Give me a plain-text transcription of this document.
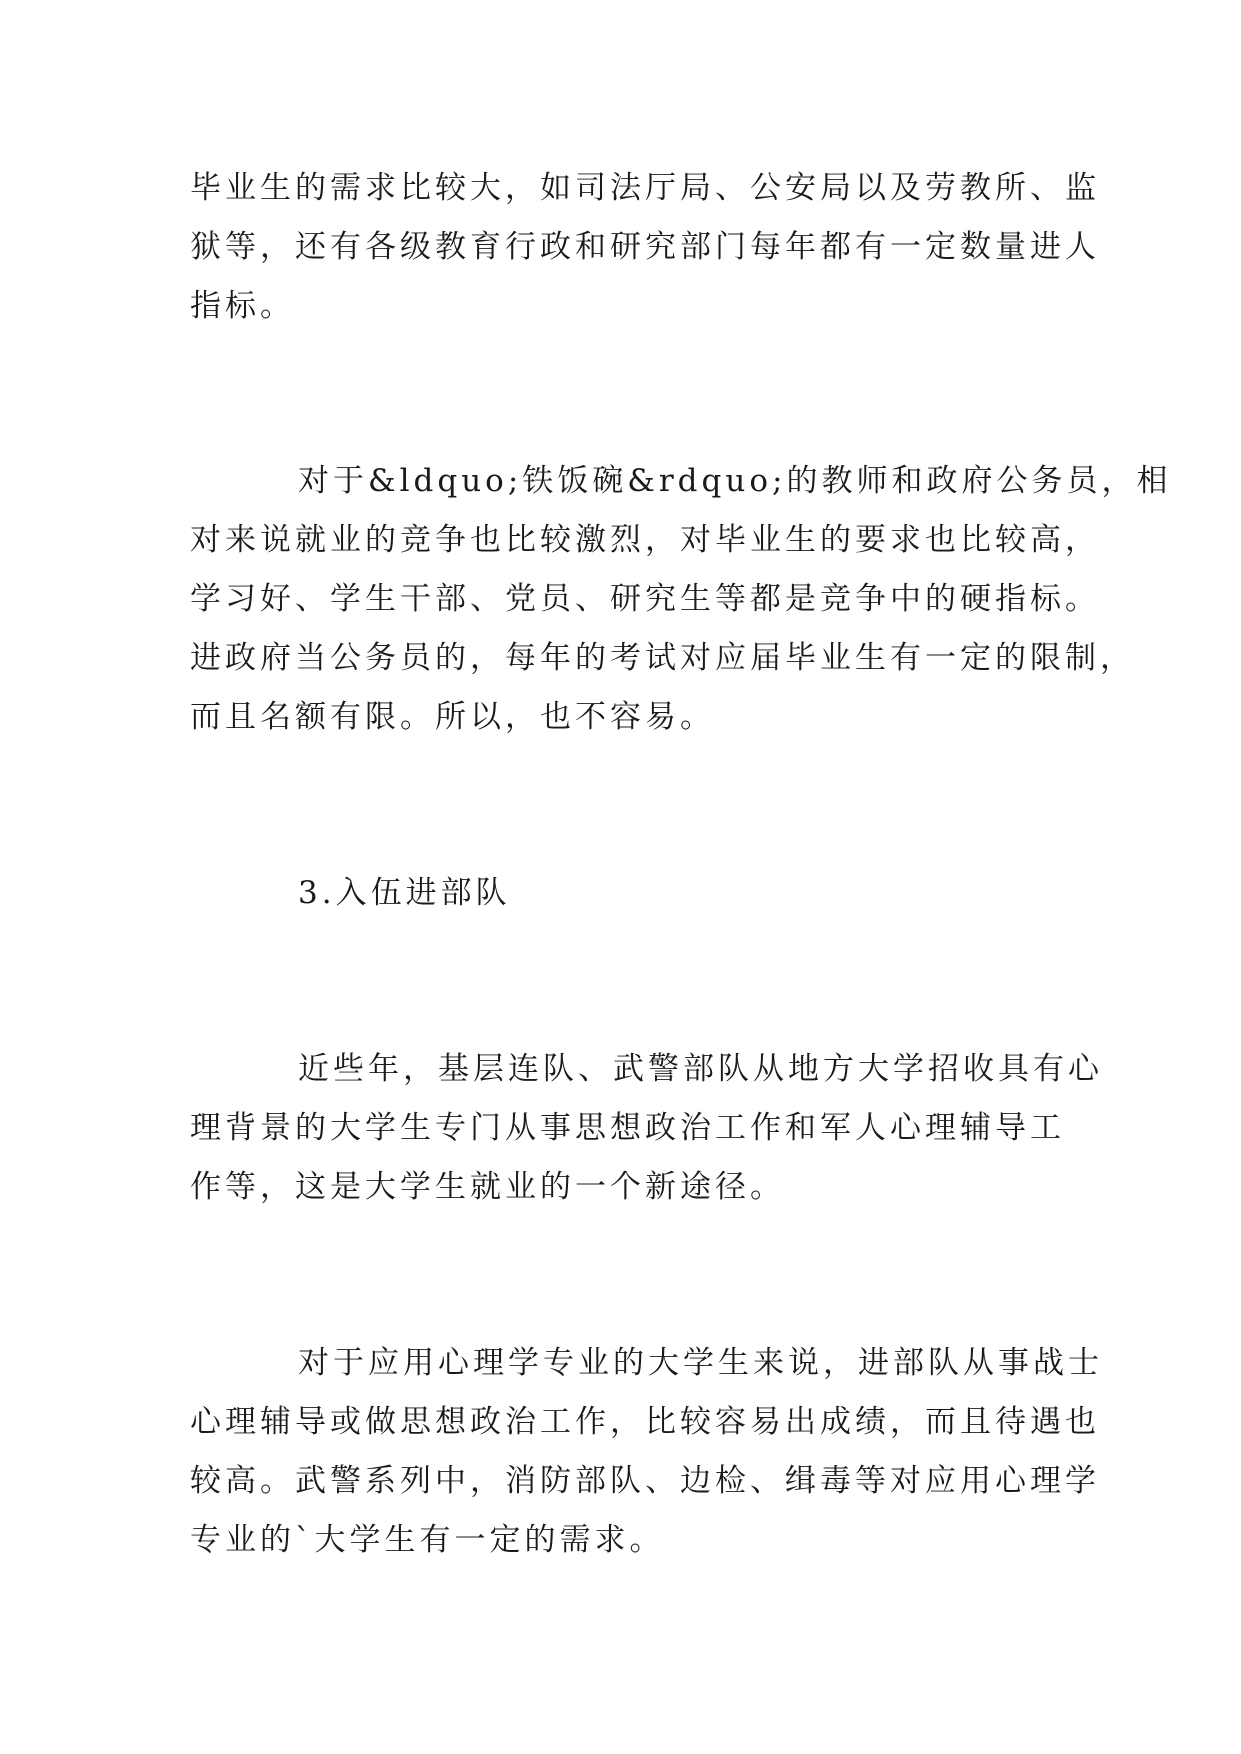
毕业生的需求比较大，如司法厅局、公安局以及劳教所、监
狱等，还有各级教育行政和研究部门每年都有一定数量进人
指标。
对于&ldquo;铁饭碗&rdquo;的教师和政府公务员，相
对来说就业的竞争也比较激烈，对毕业生的要求也比较高，
学习好、学生干部、党员、研究生等都是竞争中的硬指标。
进政府当公务员的，每年的考试对应届毕业生有一定的限制，
而且名额有限。所以，也不容易。
3.入伍进部队
近些年，基层连队、武警部队从地方大学招收具有心
理背景的大学生专门从事思想政治工作和军人心理辅导工
作等，这是大学生就业的一个新途径。
对于应用心理学专业的大学生来说，进部队从事战士
心理辅导或做思想政治工作，比较容易出成绩，而且待遇也
较高。武警系列中，消防部队、边检、缉毒等对应用心理学
专业的`大学生有一定的需求。
